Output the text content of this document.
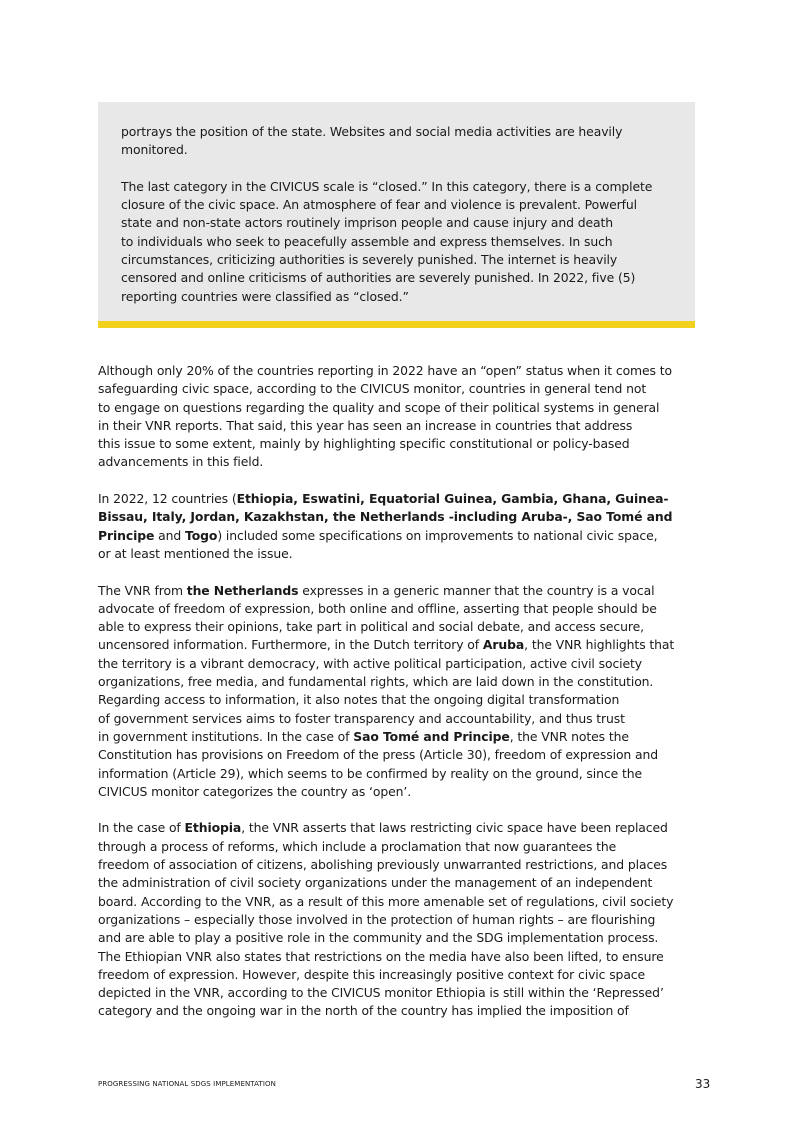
portrays the position of the state. Websites and social media activities are heavily
monitored.

The last category in the CIVICUS scale is “closed.” In this category, there is a complete
closure of the civic space. An atmosphere of fear and violence is prevalent. Powerful
state and non-state actors routinely imprison people and cause injury and death
to individuals who seek to peacefully assemble and express themselves. In such
circumstances, criticizing authorities is severely punished. The internet is heavily
censored and online criticisms of authorities are severely punished. In 2022, five (5)
reporting countries were classified as “closed.”

Although only 20% of the countries reporting in 2022 have an “open” status when it comes to
safeguarding civic space, according to the CIVICUS monitor, countries in general tend not
to engage on questions regarding the quality and scope of their political systems in general
in their VNR reports. That said, this year has seen an increase in countries that address
this issue to some extent, mainly by highlighting specific constitutional or policy-based
advancements in this field.

In 2022, 12 countries (Ethiopia, Eswatini, Equatorial Guinea, Gambia, Ghana, Guinea-
Bissau, Italy, Jordan, Kazakhstan, the Netherlands -including Aruba-, Sao Tomé and
Principe and Togo) included some specifications on improvements to national civic space,
or at least mentioned the issue.

The VNR from the Netherlands expresses in a generic manner that the country is a vocal
advocate of freedom of expression, both online and offline, asserting that people should be
able to express their opinions, take part in political and social debate, and access secure,
uncensored information. Furthermore, in the Dutch territory of Aruba, the VNR highlights that
the territory is a vibrant democracy, with active political participation, active civil society
organizations, free media, and fundamental rights, which are laid down in the constitution.
Regarding access to information, it also notes that the ongoing digital transformation
of government services aims to foster transparency and accountability, and thus trust
in government institutions. In the case of Sao Tomé and Principe, the VNR notes the
Constitution has provisions on Freedom of the press (Article 30), freedom of expression and
information (Article 29), which seems to be confirmed by reality on the ground, since the
CIVICUS monitor categorizes the country as ‘open’.

In the case of Ethiopia, the VNR asserts that laws restricting civic space have been replaced
through a process of reforms, which include a proclamation that now guarantees the
freedom of association of citizens, abolishing previously unwarranted restrictions, and places
the administration of civil society organizations under the management of an independent
board. According to the VNR, as a result of this more amenable set of regulations, civil society
organizations – especially those involved in the protection of human rights – are flourishing
and are able to play a positive role in the community and the SDG implementation process.
The Ethiopian VNR also states that restrictions on the media have also been lifted, to ensure
freedom of expression. However, despite this increasingly positive context for civic space
depicted in the VNR, according to the CIVICUS monitor Ethiopia is still within the ‘Repressed’
category and the ongoing war in the north of the country has implied the imposition of

PROGRESSING NATIONAL SDGS IMPLEMENTATION	33
